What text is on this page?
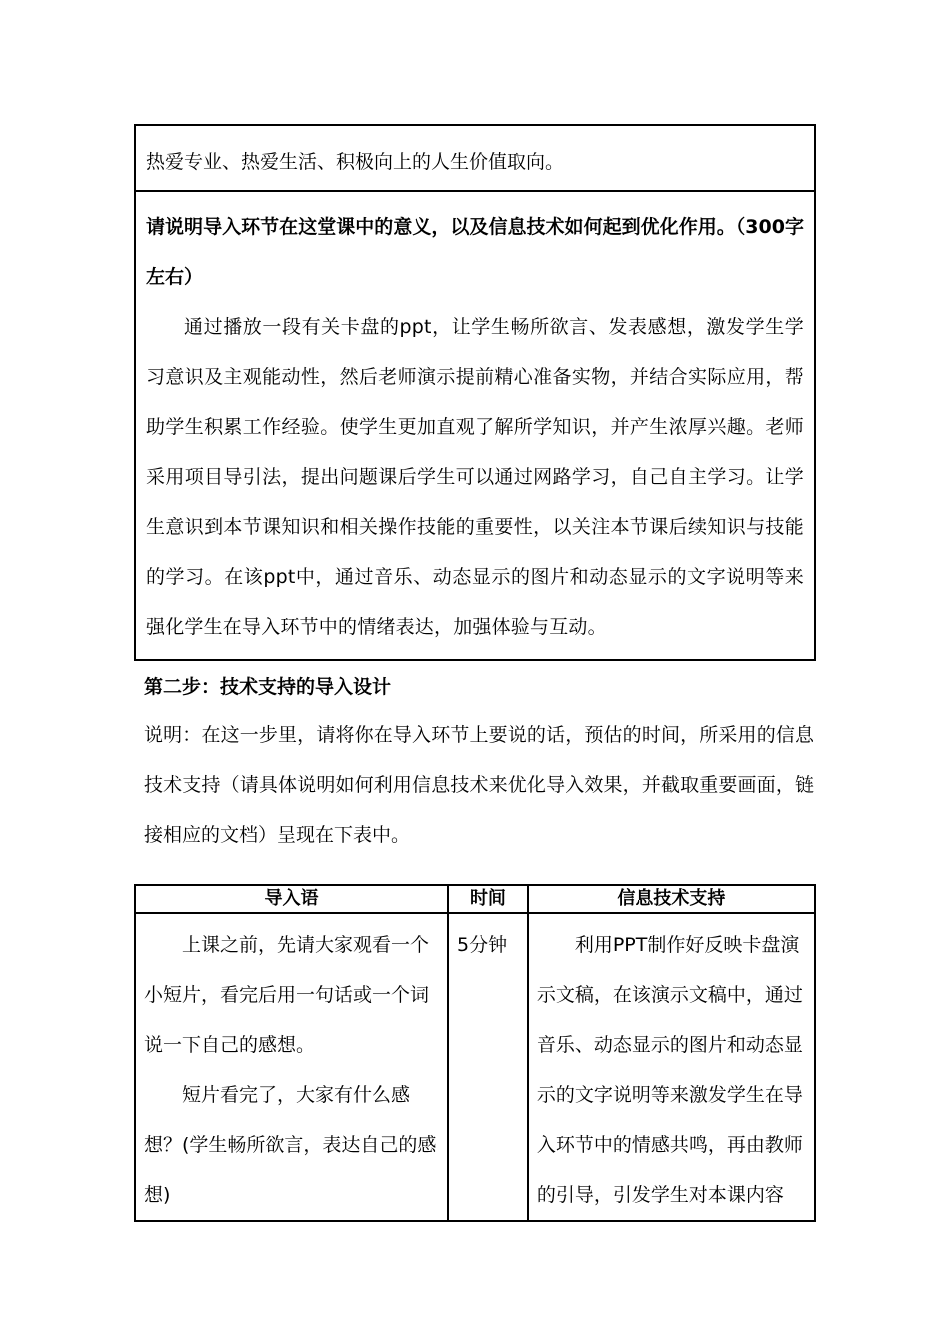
热爱专业、热爱生活、积极向上的人生价值取向。
请说明导入环节在这堂课中的意义，以及信息技术如何起到优化作用。（300字左右）
通过播放一段有关卡盘的ppt，让学生畅所欲言、发表感想，激发学生学习意识及主观能动性，然后老师演示提前精心准备实物，并结合实际应用，帮助学生积累工作经验。使学生更加直观了解所学知识，并产生浓厚兴趣。老师采用项目导引法，提出问题课后学生可以通过网路学习，自己自主学习。让学生意识到本节课知识和相关操作技能的重要性，以关注本节课后续知识与技能的学习。在该ppt中，通过音乐、动态显示的图片和动态显示的文字说明等来强化学生在导入环节中的情绪表达，加强体验与互动。
第二步：技术支持的导入设计
说明：在这一步里，请将你在导入环节上要说的话，预估的时间，所采用的信息技术支持（请具体说明如何利用信息技术来优化导入效果，并截取重要画面，链接相应的文档）呈现在下表中。
导入语	时间	信息技术支持

上课之前，先请大家观看一个小短片，看完后用一句话或一个词说一下自己的感想。

短片看完了，大家有什么感想？(学生畅所欲言，表达自己的感想)	5分钟	利用PPT制作好反映卡盘演示文稿，在该演示文稿中，通过音乐、动态显示的图片和动态显示的文字说明等来激发学生在导入环节中的情感共鸣，再由教师的引导，引发学生对本课内容
